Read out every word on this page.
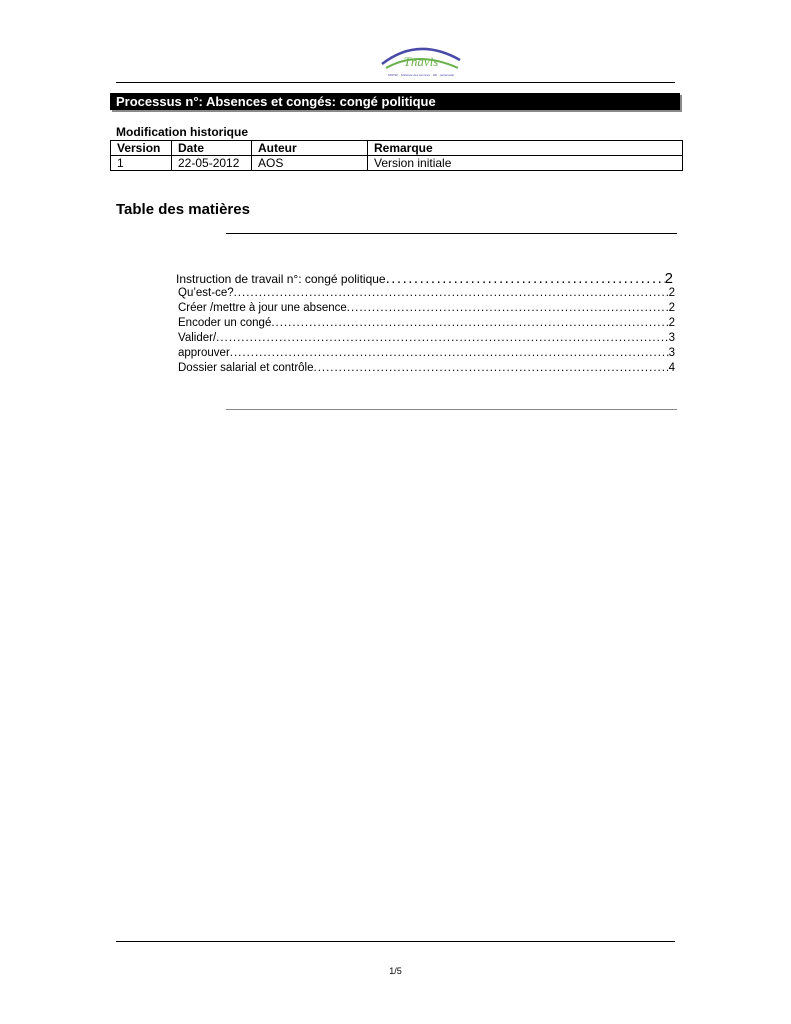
Tnavis
SDPSP · Software des services · HR · partenariat
Processus n°: Absences et congés: congé politique
Modification historique
Version	Date	Auteur	Remarque
1	22-05-2012	AOS	Version initiale
Table des matières
Instruction de travail n°: congé politique .....	2
Qu’est-ce? .....	2
Créer /mettre à jour une absence .....	2
Encoder un congé .....	2
Valider/ .....	3
approuver .....	3
Dossier salarial et contrôle .....	4
1/5
